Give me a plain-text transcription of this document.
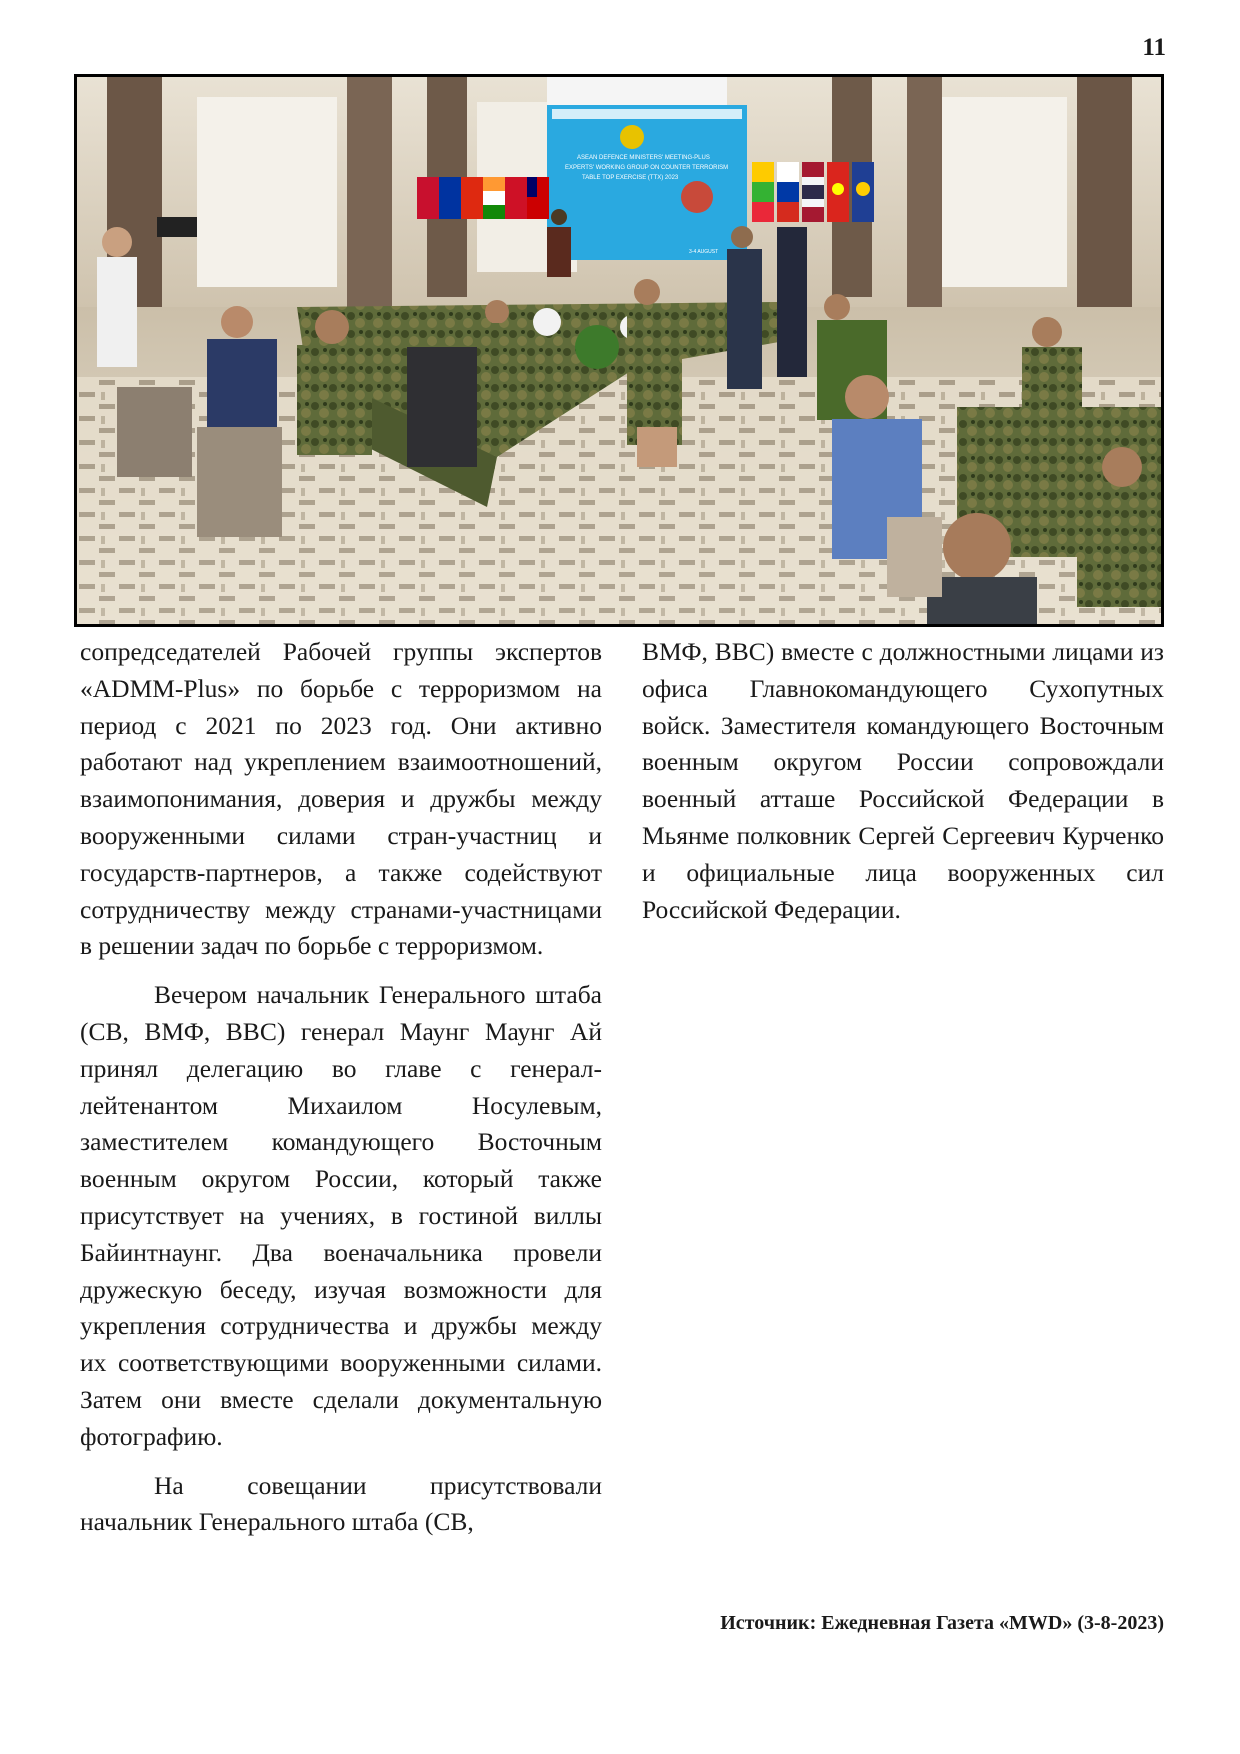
11
ASEAN DEFENCE MINISTERS' MEETING-PLUS
EXPERTS' WORKING GROUP ON COUNTER TERRORISM
TABLE TOP EXERCISE (TTX) 2023
3-4 AUGUST

сопредседателей Рабочей группы экспертов «ADMM-Plus» по борьбе с терроризмом на период с 2021 по 2023 год. Они активно работают над укреплением взаимоотношений, взаимопонимания, доверия и дружбы между вооруженными силами стран-участниц и государств-партнеров, а также содействуют сотрудничеству между странами-участницами в решении задач по борьбе с терроризмом.

Вечером начальник Генерального штаба (СВ, ВМФ, ВВС) генерал Маунг Маунг Ай принял делегацию во главе с генерал-лейтенантом Михаилом Носулевым, заместителем командующего Восточным военным округом России, который также присутствует на учениях, в гостиной виллы Байинтнаунг. Два военачальника провели дружескую беседу, изучая возможности для укрепления сотрудничества и дружбы между их соответствующими вооруженными силами. Затем они вместе сделали документальную фотографию.

На совещании присутствовали начальник Генерального штаба (СВ,

ВМФ, ВВС) вместе с должностными лицами из офиса Главнокомандующего Сухопутных войск. Заместителя командующего Восточным военным округом России сопровождали военный атташе Российской Федерации в Мьянме полковник Сергей Сергеевич Курченко и официальные лица вооруженных сил Российской Федерации.

Источник: Ежедневная Газета «MWD» (3-8-2023)
